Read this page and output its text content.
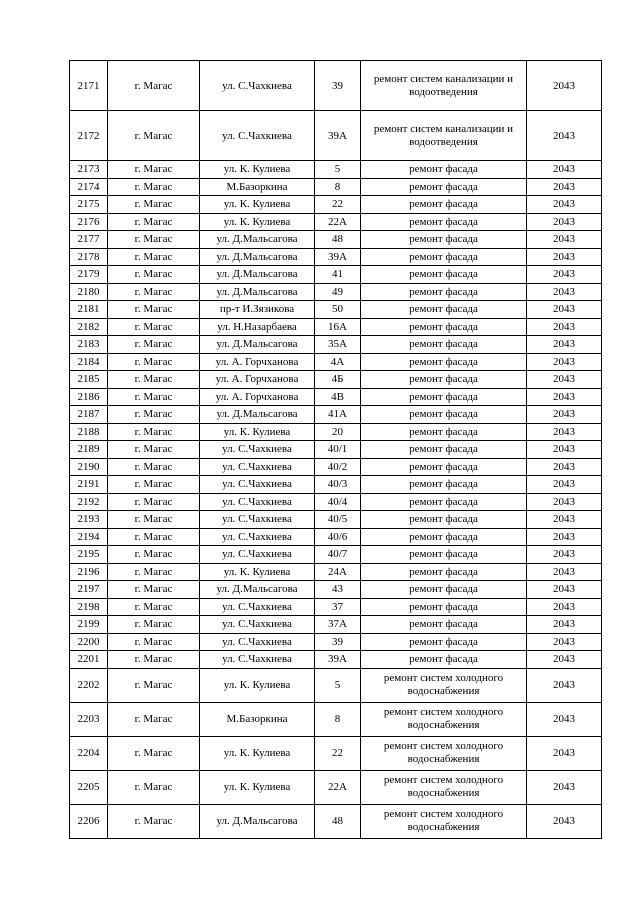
2171	г. Магас	ул. С.Чахкиева	39	ремонт систем канализации и водоотведения	2043
2172	г. Магас	ул. С.Чахкиева	39А	ремонт систем канализации и водоотведения	2043
2173	г. Магас	ул. К. Кулиева	5	ремонт фасада	2043
2174	г. Магас	М.Базоркина	8	ремонт фасада	2043
2175	г. Магас	ул. К. Кулиева	22	ремонт фасада	2043
2176	г. Магас	ул. К. Кулиева	22А	ремонт фасада	2043
2177	г. Магас	ул. Д.Мальсагова	48	ремонт фасада	2043
2178	г. Магас	ул. Д.Мальсагова	39А	ремонт фасада	2043
2179	г. Магас	ул. Д.Мальсагова	41	ремонт фасада	2043
2180	г. Магас	ул. Д.Мальсагова	49	ремонт фасада	2043
2181	г. Магас	пр-т И.Зязикова	50	ремонт фасада	2043
2182	г. Магас	ул. Н.Назарбаева	16А	ремонт фасада	2043
2183	г. Магас	ул. Д.Мальсагова	35А	ремонт фасада	2043
2184	г. Магас	ул. А. Горчханова	4А	ремонт фасада	2043
2185	г. Магас	ул. А. Горчханова	4Б	ремонт фасада	2043
2186	г. Магас	ул. А. Горчханова	4В	ремонт фасада	2043
2187	г. Магас	ул. Д.Мальсагова	41А	ремонт фасада	2043
2188	г. Магас	ул. К. Кулиева	20	ремонт фасада	2043
2189	г. Магас	ул. С.Чахкиева	40/1	ремонт фасада	2043
2190	г. Магас	ул. С.Чахкиева	40/2	ремонт фасада	2043
2191	г. Магас	ул. С.Чахкиева	40/3	ремонт фасада	2043
2192	г. Магас	ул. С.Чахкиева	40/4	ремонт фасада	2043
2193	г. Магас	ул. С.Чахкиева	40/5	ремонт фасада	2043
2194	г. Магас	ул. С.Чахкиева	40/6	ремонт фасада	2043
2195	г. Магас	ул. С.Чахкиева	40/7	ремонт фасада	2043
2196	г. Магас	ул. К. Кулиева	24А	ремонт фасада	2043
2197	г. Магас	ул. Д.Мальсагова	43	ремонт фасада	2043
2198	г. Магас	ул. С.Чахкиева	37	ремонт фасада	2043
2199	г. Магас	ул. С.Чахкиева	37А	ремонт фасада	2043
2200	г. Магас	ул. С.Чахкиева	39	ремонт фасада	2043
2201	г. Магас	ул. С.Чахкиева	39А	ремонт фасада	2043
2202	г. Магас	ул. К. Кулиева	5	ремонт систем холодного водоснабжения	2043
2203	г. Магас	М.Базоркина	8	ремонт систем холодного водоснабжения	2043
2204	г. Магас	ул. К. Кулиева	22	ремонт систем холодного водоснабжения	2043
2205	г. Магас	ул. К. Кулиева	22А	ремонт систем холодного водоснабжения	2043
2206	г. Магас	ул. Д.Мальсагова	48	ремонт систем холодного водоснабжения	2043
